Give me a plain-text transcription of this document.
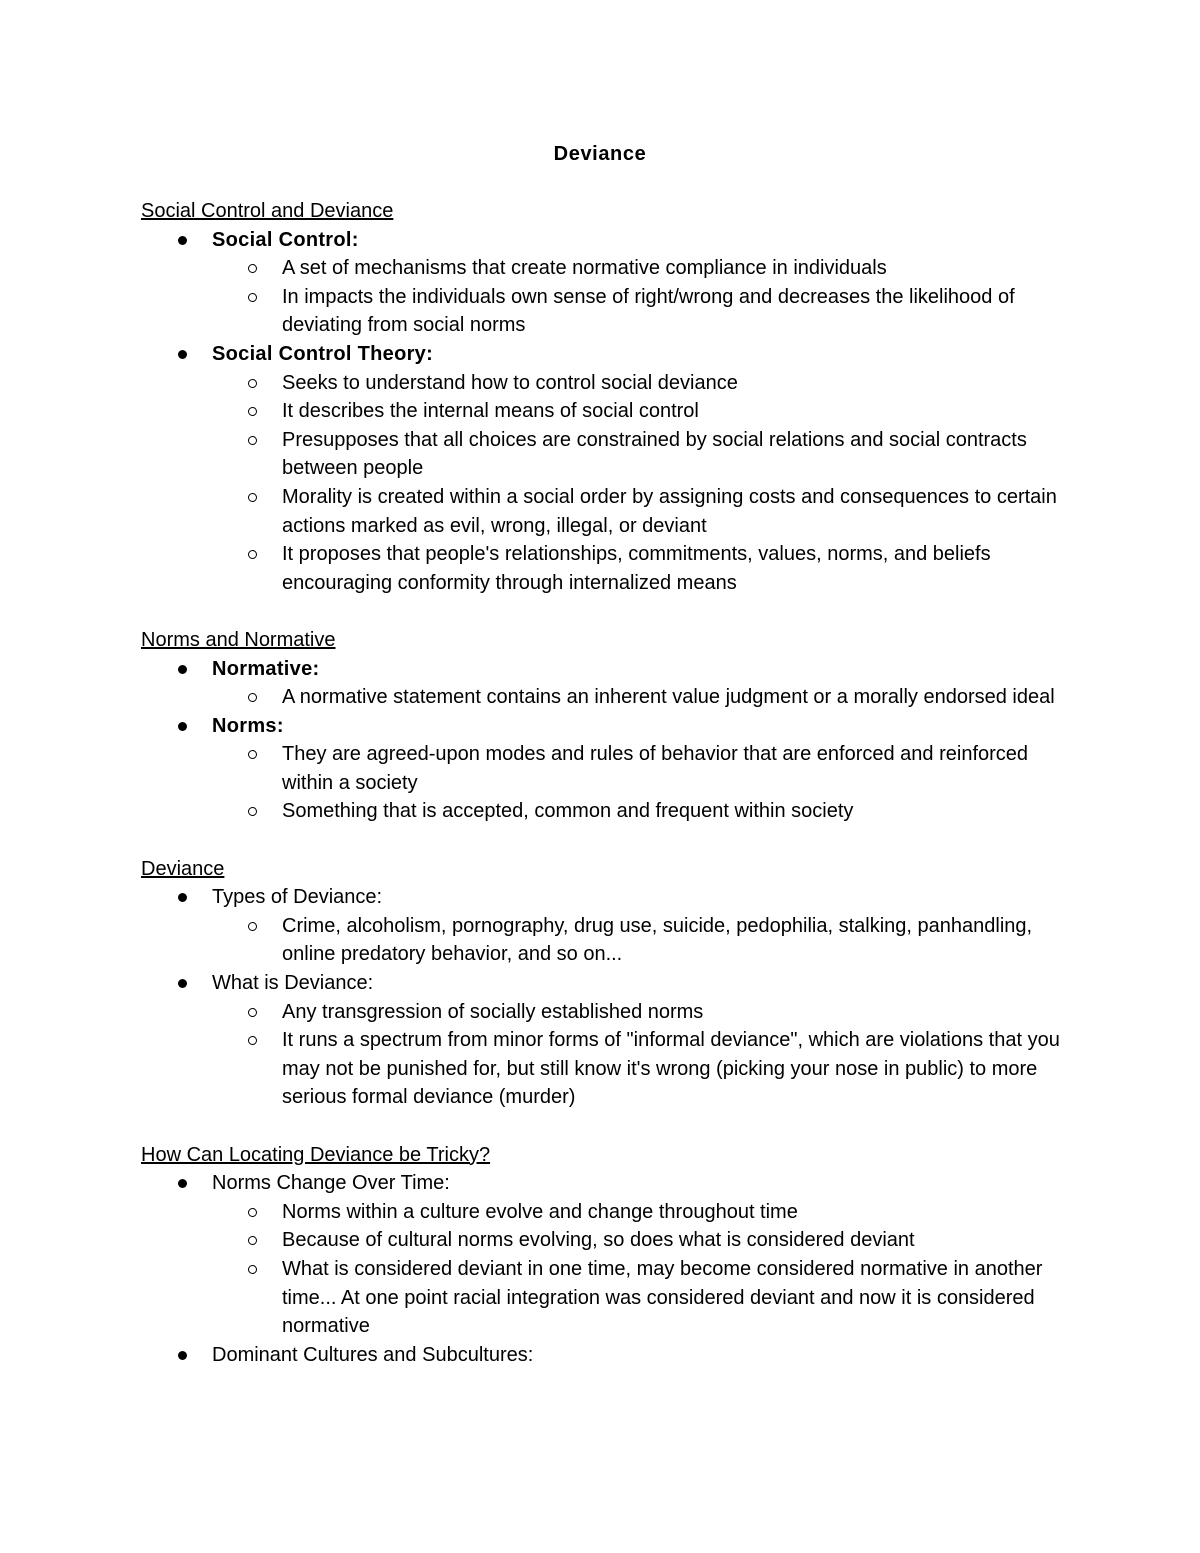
Deviance
Social Control and Deviance
Social Control:
A set of mechanisms that create normative compliance in individuals
In impacts the individuals own sense of right/wrong and decreases the likelihood of deviating from social norms
Social Control Theory:
Seeks to understand how to control social deviance
It describes the internal means of social control
Presupposes that all choices are constrained by social relations and social contracts between people
Morality is created within a social order by assigning costs and consequences to certain actions marked as evil, wrong, illegal, or deviant
It proposes that people's relationships, commitments, values, norms, and beliefs encouraging conformity through internalized means
Norms and Normative
Normative:
A normative statement contains an inherent value judgment or a morally endorsed ideal
Norms:
They are agreed-upon modes and rules of behavior that are enforced and reinforced within a society
Something that is accepted, common and frequent within society
Deviance
Types of Deviance:
Crime, alcoholism, pornography, drug use, suicide, pedophilia, stalking, panhandling, online predatory behavior, and so on...
What is Deviance:
Any transgression of socially established norms
It runs a spectrum from minor forms of "informal deviance", which are violations that you may not be punished for, but still know it's wrong (picking your nose in public) to more serious formal deviance (murder)
How Can Locating Deviance be Tricky?
Norms Change Over Time:
Norms within a culture evolve and change throughout time
Because of cultural norms evolving, so does what is considered deviant
What is considered deviant in one time, may become considered normative in another time... At one point racial integration was considered deviant and now it is considered normative
Dominant Cultures and Subcultures:
